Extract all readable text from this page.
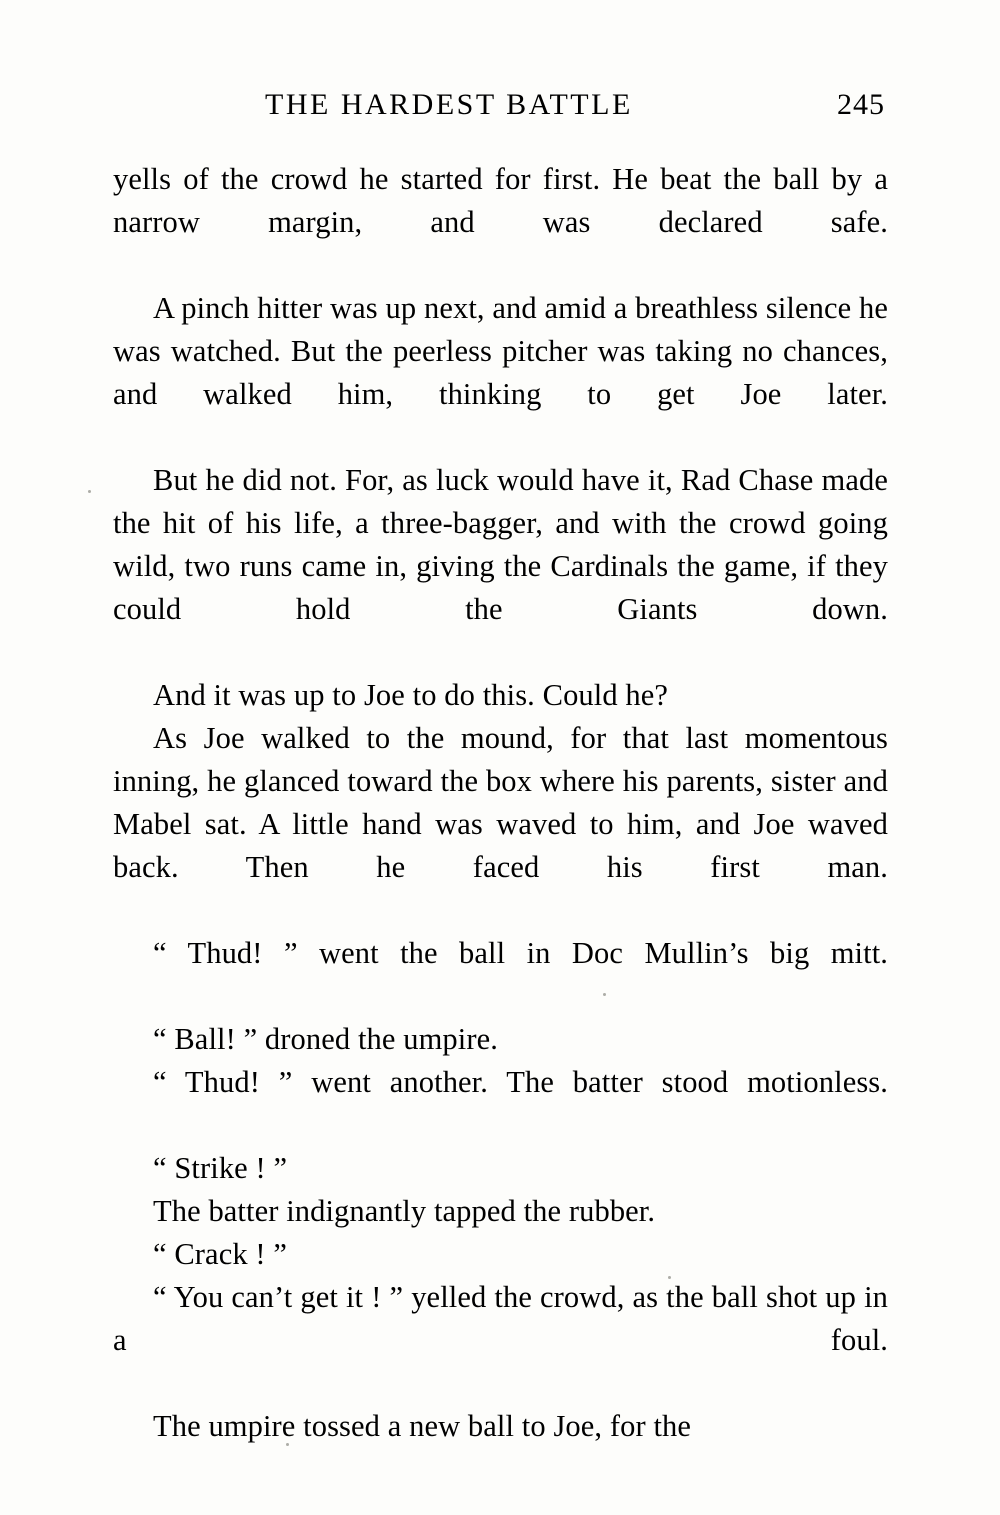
THE HARDEST BATTLE	245

yells of the crowd he started for first. He beat the ball by a narrow margin, and was declared safe.

A pinch hitter was up next, and amid a breathless silence he was watched. But the peerless pitcher was taking no chances, and walked him, thinking to get Joe later.

But he did not. For, as luck would have it, Rad Chase made the hit of his life, a three-bagger, and with the crowd going wild, two runs came in, giving the Cardinals the game, if they could hold the Giants down.

And it was up to Joe to do this. Could he?

As Joe walked to the mound, for that last momentous inning, he glanced toward the box where his parents, sister and Mabel sat. A little hand was waved to him, and Joe waved back. Then he faced his first man.

“ Thud! ” went the ball in Doc Mullin’s big mitt.

“ Ball! ” droned the umpire.

“ Thud! ” went another. The batter stood motionless.

“ Strike ! ”

The batter indignantly tapped the rubber.

“ Crack ! ”

“ You can’t get it ! ” yelled the crowd, as the ball shot up in a foul.

The umpire tossed a new ball to Joe, for the
